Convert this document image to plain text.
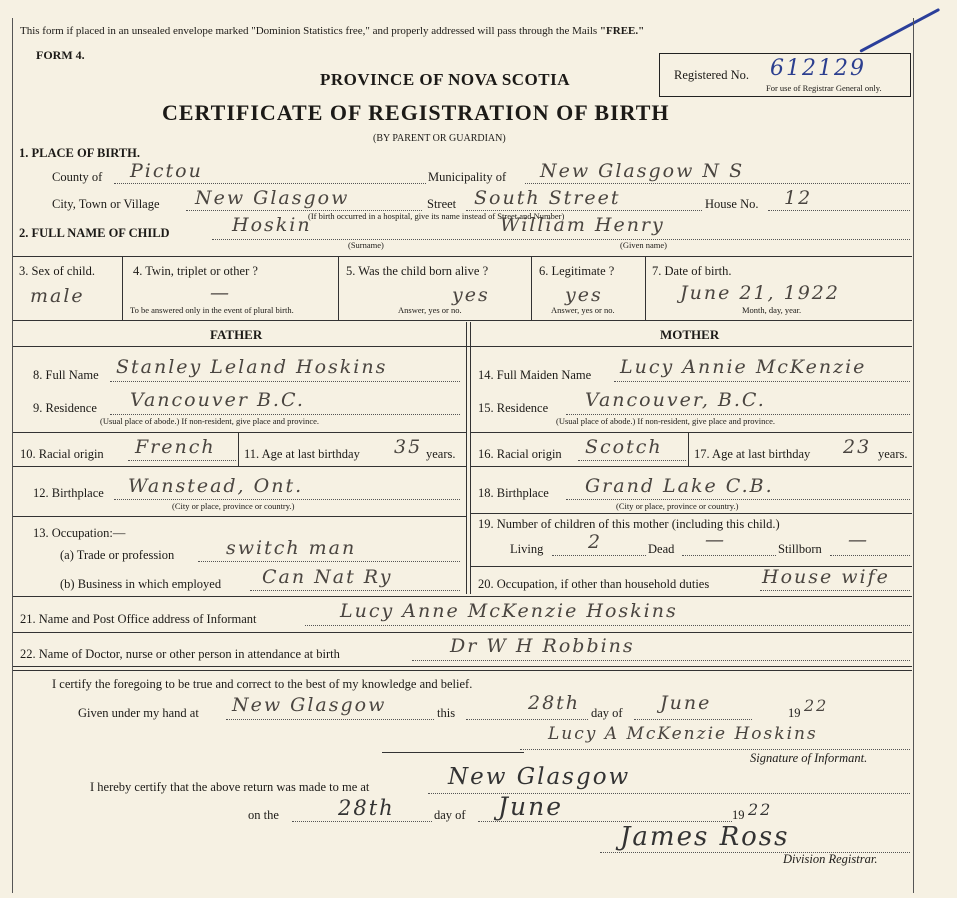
This form if placed in an unsealed envelope marked "Dominion Statistics free," and properly addressed will pass through the Mails "FREE."
FORM 4.
PROVINCE OF NOVA SCOTIA
CERTIFICATE OF REGISTRATION OF BIRTH
(BY PARENT OR GUARDIAN)
Registered No. 612129
For use of Registrar General only.
1. PLACE OF BIRTH.
County of Pictou	Municipality of New Glasgow N S
City, Town or Village New Glasgow	Street South Street	House No. 12
(If birth occurred in a hospital, give its name instead of Street and Number)
2. FULL NAME OF CHILD	Hoskin	William Henry
(Surname)	(Given name)
3. Sex of child.
male
4. Twin, triplet or other ?
—
To be answered only in the event of plural birth.
5. Was the child born alive ?
yes
Answer, yes or no.
6. Legitimate ?
yes
Answer, yes or no.
7. Date of birth.
June 21, 1922
Month, day, year.
FATHER	MOTHER
8. Full Name Stanley Leland Hoskins
9. Residence Vancouver B.C.
(Usual place of abode.) If non-resident, give place and province.
10. Racial origin French 11. Age at last birthday 35 years.
12. Birthplace Wanstead, Ont.
(City or place, province or country.)
13. Occupation:—
(a) Trade or profession	switch man
(b) Business in which employed Can Nat Ry
14. Full Maiden Name Lucy Annie McKenzie
15. Residence Vancouver, B.C.
(Usual place of abode.) If non-resident, give place and province.
16. Racial origin Scotch	17. Age at last birthday 23 years.
18. Birthplace Grand Lake C.B.
(City or place, province or country.)
19. Number of children of this mother (including this child.)
Living 2	Dead —	Stillborn —
20. Occupation, if other than household duties	House wife
21. Name and Post Office address of Informant	Lucy Anne McKenzie Hoskins
22. Name of Doctor, nurse or other person in attendance at birth	Dr W H Robbins
I certify the foregoing to be true and correct to the best of my knowledge and belief.
Given under my hand at New Glasgow	this	28th day of June	19 22
Lucy A McKenzie Hoskins
Signature of Informant.
I hereby certify that the above return was made to me at	New Glasgow
on the	28th	day of June	19 22
James Ross
Division Registrar.
